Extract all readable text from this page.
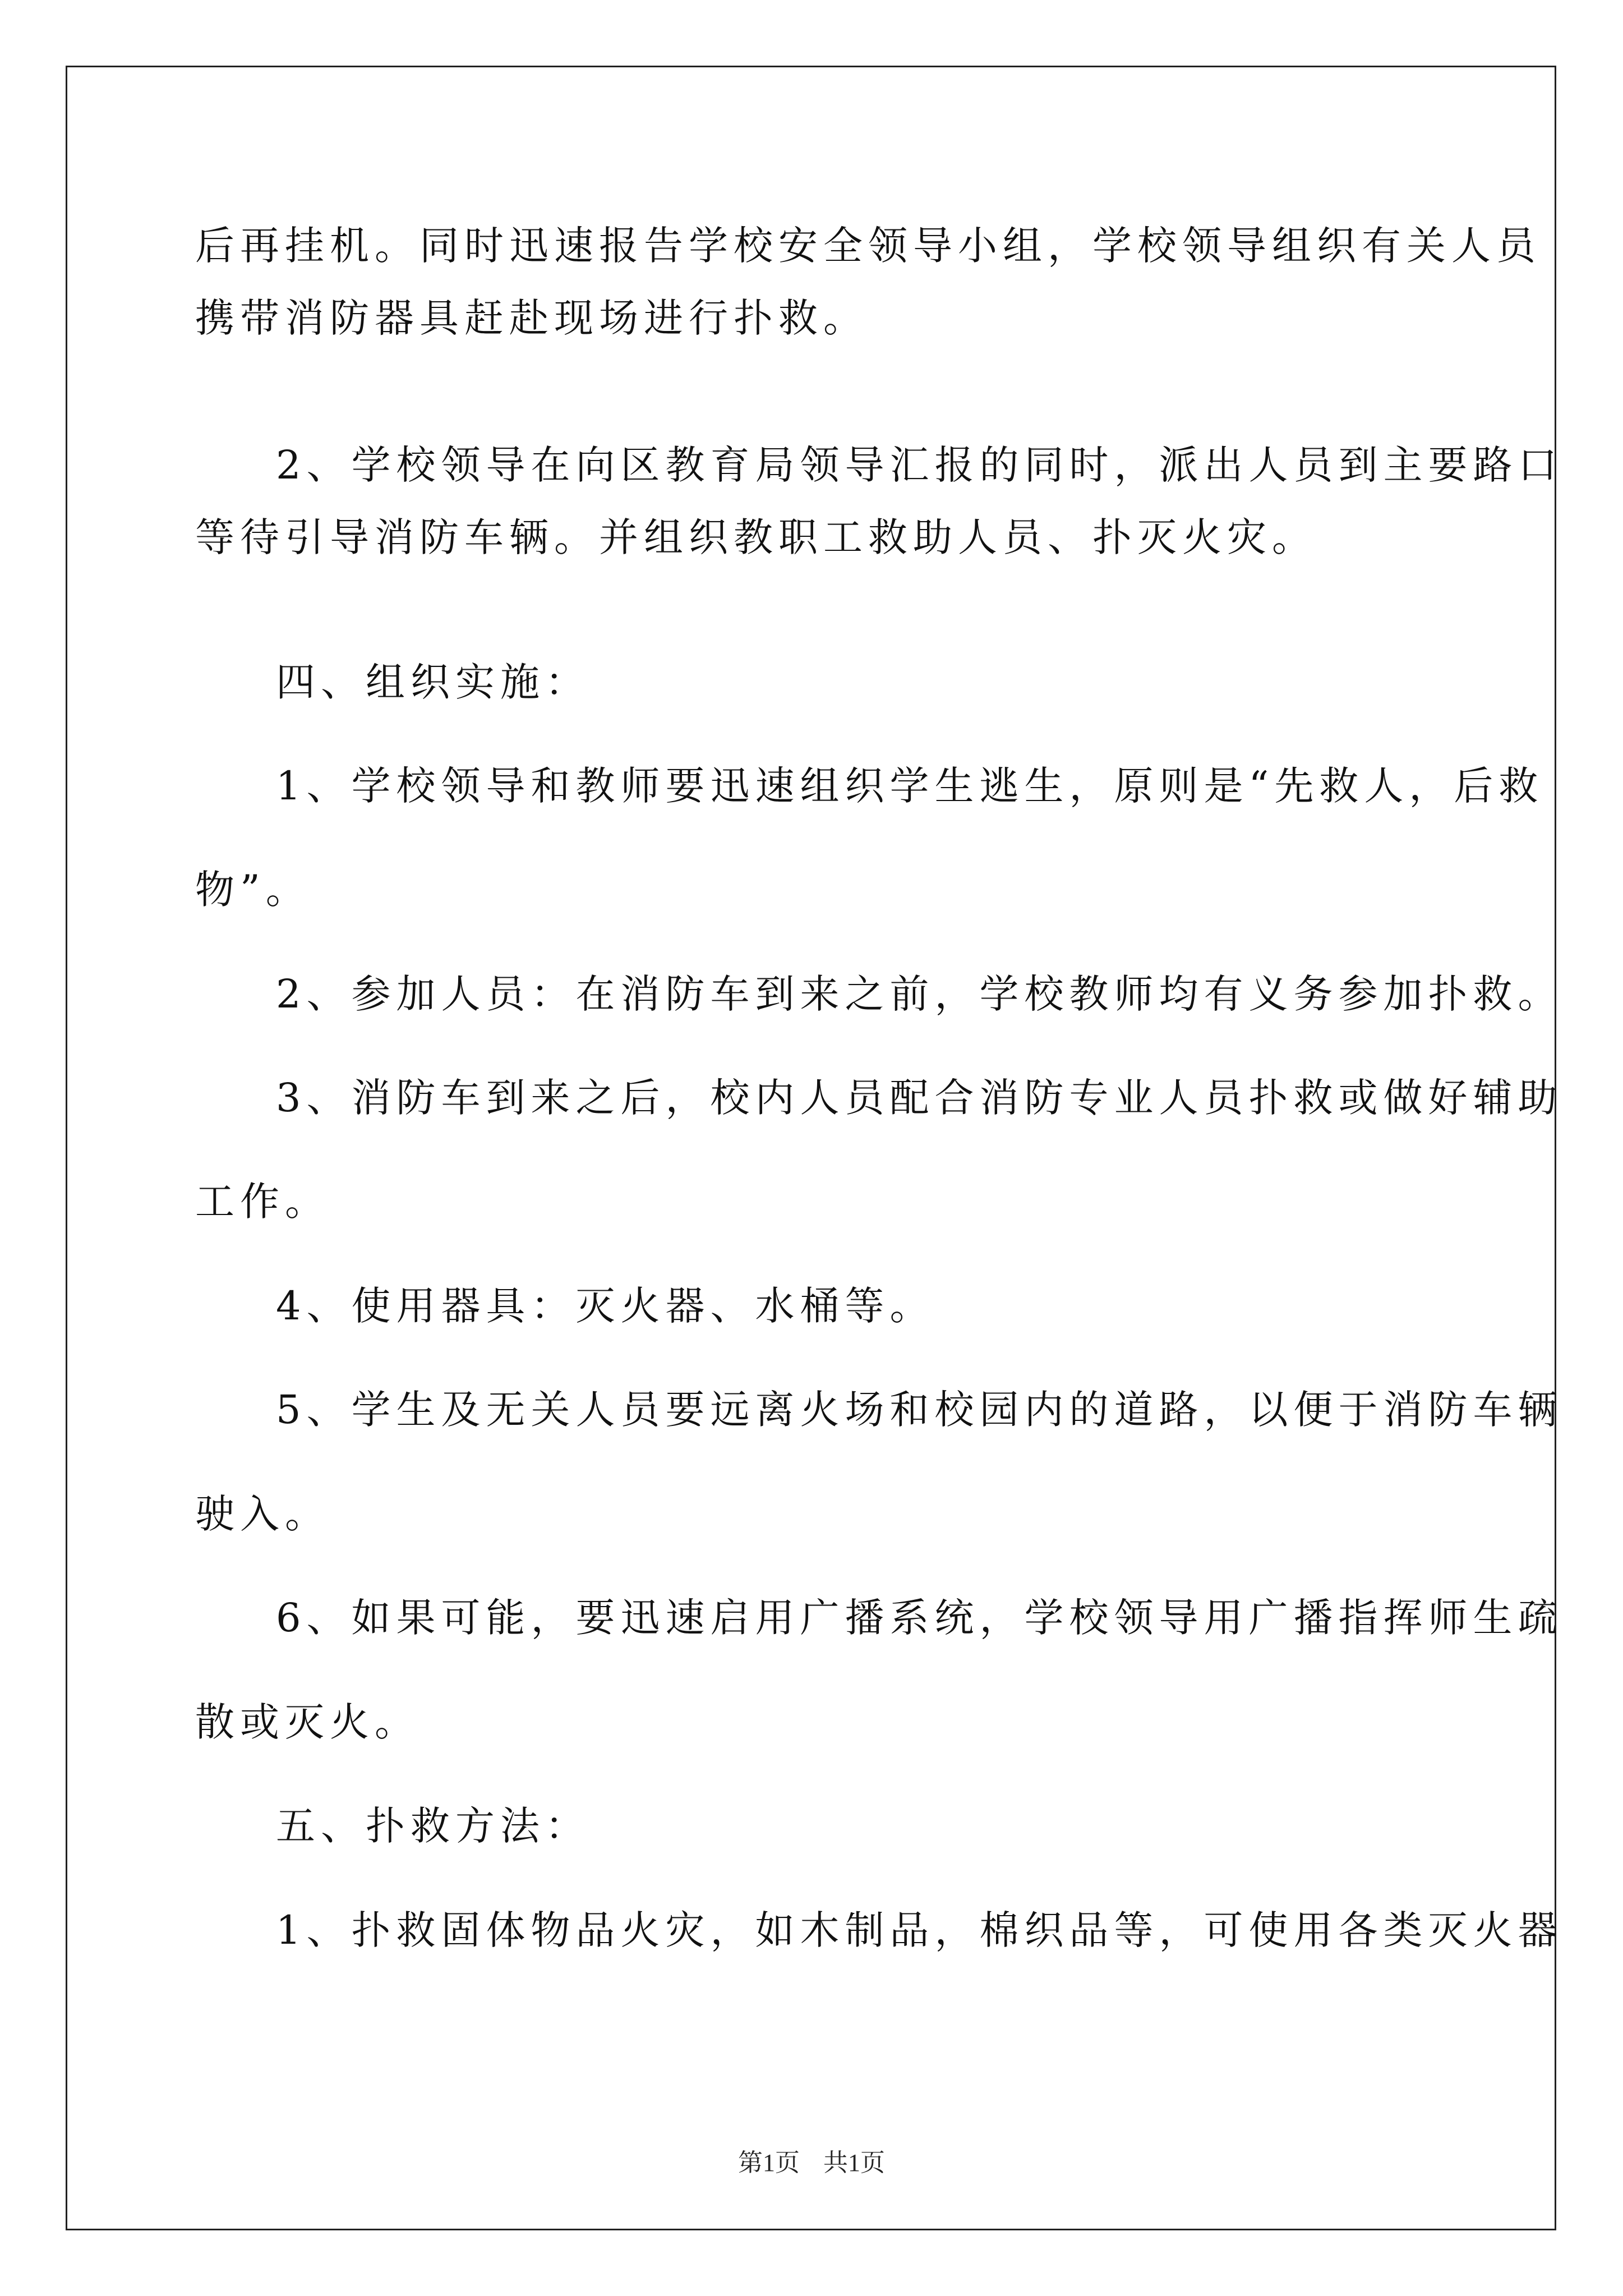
后再挂机。同时迅速报告学校安全领导小组，学校领导组织有关人员
携带消防器具赶赴现场进行扑救。
2、学校领导在向区教育局领导汇报的同时，派出人员到主要路口
等待引导消防车辆。并组织教职工救助人员、扑灭火灾。
四、组织实施：
1、学校领导和教师要迅速组织学生逃生，原则是“先救人，后救
物”。
2、参加人员：在消防车到来之前，学校教师均有义务参加扑救。
3、消防车到来之后，校内人员配合消防专业人员扑救或做好辅助
工作。
4、使用器具：灭火器、水桶等。
5、学生及无关人员要远离火场和校园内的道路，以便于消防车辆
驶入。
6、如果可能，要迅速启用广播系统，学校领导用广播指挥师生疏
散或灭火。
五、扑救方法：
1、扑救固体物品火灾，如木制品，棉织品等，可使用各类灭火器
第1页 共1页
